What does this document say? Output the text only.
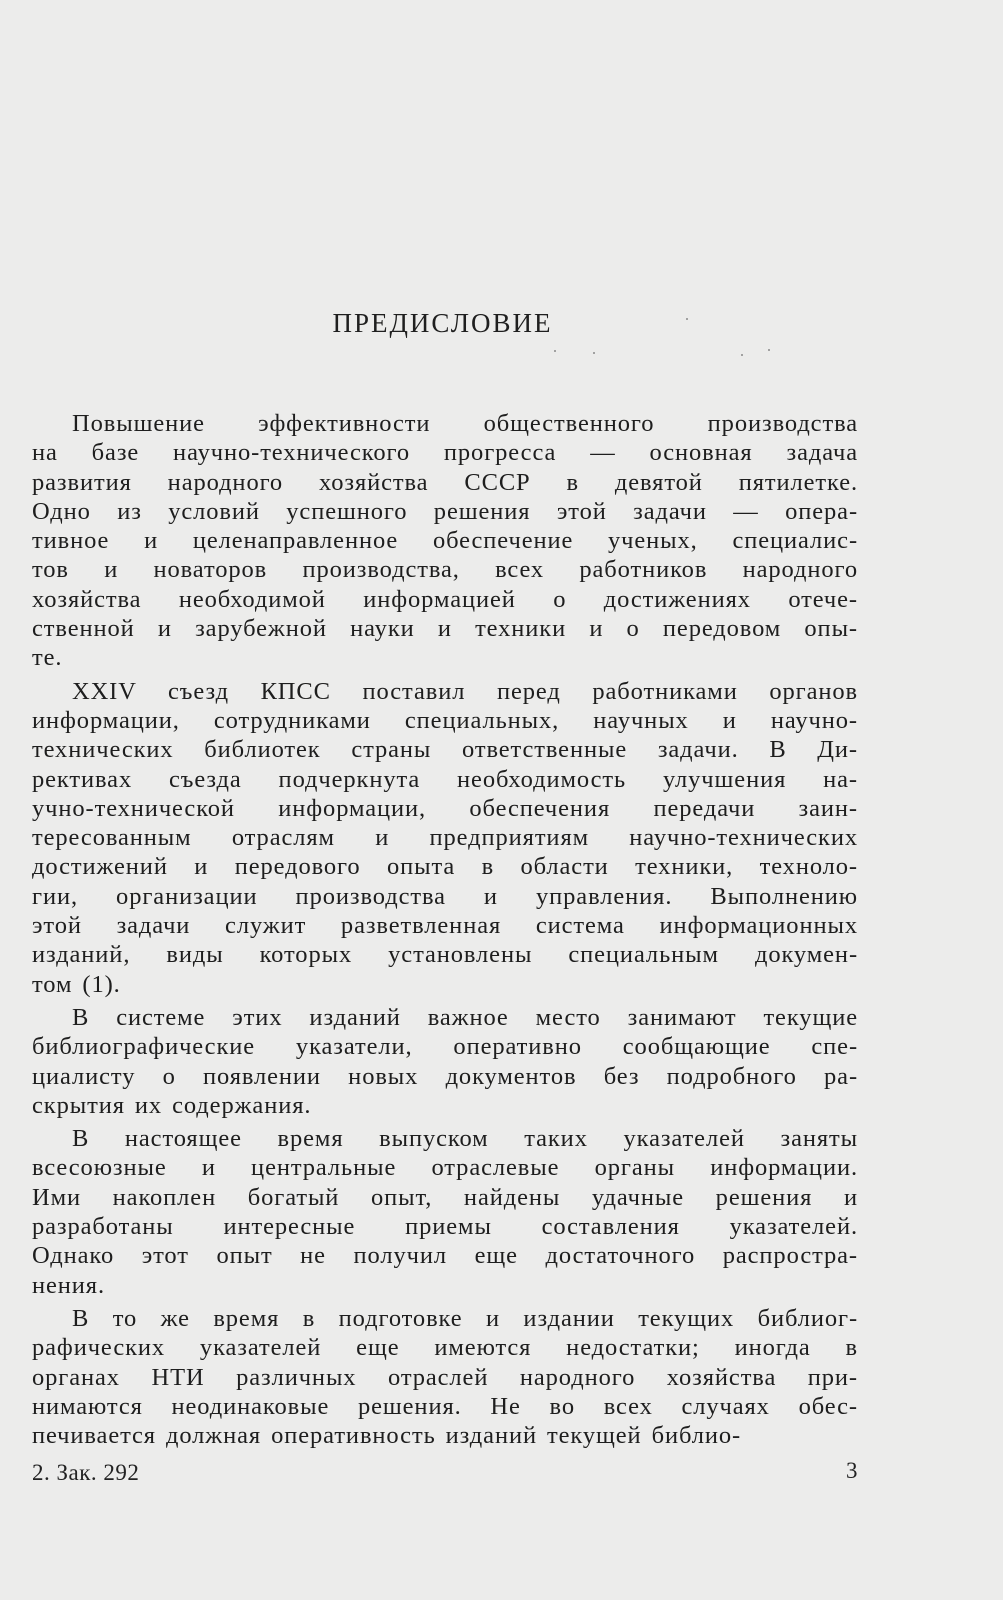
ПРЕДИСЛОВИЕ

Повышение эффективности общественного производства
на базе научно-технического прогресса — основная задача
развития народного хозяйства СССР в девятой пятилетке.
Одно из условий успешного решения этой задачи — опера-
тивное и целенаправленное обеспечение ученых, специалис-
тов и новаторов производства, всех работников народного
хозяйства необходимой информацией о достижениях отече-
ственной и зарубежной науки и техники и о передовом опы-
те.

XXIV съезд КПСС поставил перед работниками органов
информации, сотрудниками специальных, научных и научно-
технических библиотек страны ответственные задачи. В Ди-
рективах съезда подчеркнута необходимость улучшения на-
учно-технической информации, обеспечения передачи заин-
тересованным отраслям и предприятиям научно-технических
достижений и передового опыта в области техники, техноло-
гии, организации производства и управления. Выполнению
этой задачи служит разветвленная система информационных
изданий, виды которых установлены специальным докумен-
том (1).

В системе этих изданий важное место занимают текущие
библиографические указатели, оперативно сообщающие спе-
циалисту о появлении новых документов без подробного ра-
скрытия их содержания.

В настоящее время выпуском таких указателей заняты
всесоюзные и центральные отраслевые органы информации.
Ими накоплен богатый опыт, найдены удачные решения и
разработаны интересные приемы составления указателей.
Однако этот опыт не получил еще достаточного распростра-
нения.

В то же время в подготовке и издании текущих библиог-
рафических указателей еще имеются недостатки; иногда в
органах НТИ различных отраслей народного хозяйства при-
нимаются неодинаковые решения. Не во всех случаях обес-
печивается должная оперативность изданий текущей библио-

2. Зак. 292	3
